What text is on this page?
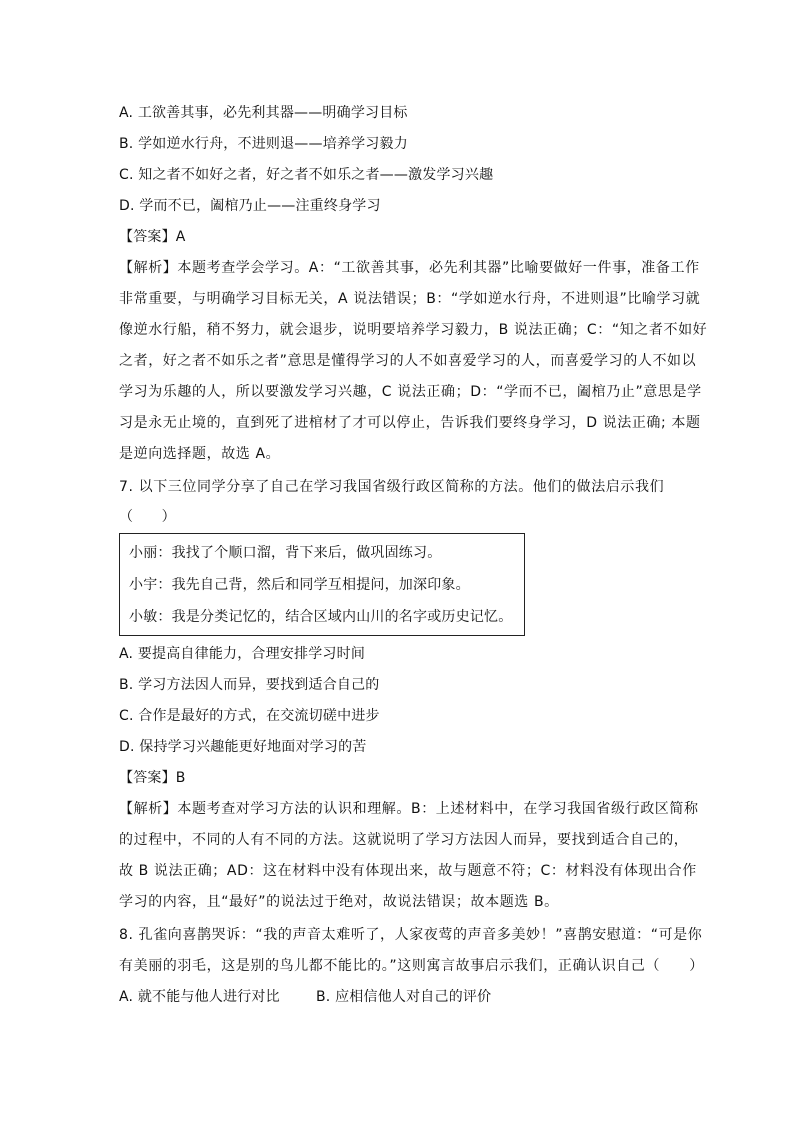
A. 工欲善其事，必先利其器——明确学习目标
B. 学如逆水行舟，不进则退——培养学习毅力
C. 知之者不如好之者，好之者不如乐之者——激发学习兴趣
D. 学而不已，阖棺乃止——注重终身学习
【答案】A
【解析】本题考查学会学习。A：“工欲善其事，必先利其器”比喻要做好一件事，准备工作
非常重要，与明确学习目标无关，A 说法错误；B：“学如逆水行舟，不进则退”比喻学习就
像逆水行船，稍不努力，就会退步，说明要培养学习毅力，B 说法正确；C：“知之者不如好
之者，好之者不如乐之者”意思是懂得学习的人不如喜爱学习的人，而喜爱学习的人不如以
学习为乐趣的人，所以要激发学习兴趣，C 说法正确；D：“学而不已，阖棺乃止”意思是学
习是永无止境的，直到死了进棺材了才可以停止，告诉我们要终身学习，D 说法正确; 本题
是逆向选择题，故选 A。
7. 以下三位同学分享了自己在学习我国省级行政区简称的方法。他们的做法启示我们
（　　）
小丽：我找了个顺口溜，背下来后，做巩固练习。
小宇：我先自己背，然后和同学互相提问，加深印象。
小敏：我是分类记忆的，结合区域内山川的名字或历史记忆。
A. 要提高自律能力，合理安排学习时间
B. 学习方法因人而异，要找到适合自己的
C. 合作是最好的方式，在交流切磋中进步
D. 保持学习兴趣能更好地面对学习的苦
【答案】B
【解析】本题考查对学习方法的认识和理解。B：上述材料中，在学习我国省级行政区简称
的过程中，不同的人有不同的方法。这就说明了学习方法因人而异，要找到适合自己的，
故 B 说法正确；AD：这在材料中没有体现出来，故与题意不符；C：材料没有体现出合作
学习的内容，且“最好”的说法过于绝对，故说法错误；故本题选 B。
8. 孔雀向喜鹊哭诉：“我的声音太难听了，人家夜莺的声音多美妙！”喜鹊安慰道：“可是你
有美丽的羽毛，这是别的鸟儿都不能比的。”这则寓言故事启示我们，正确认识自己（　　）
A. 就不能与他人进行对比	B. 应相信他人对自己的评价
